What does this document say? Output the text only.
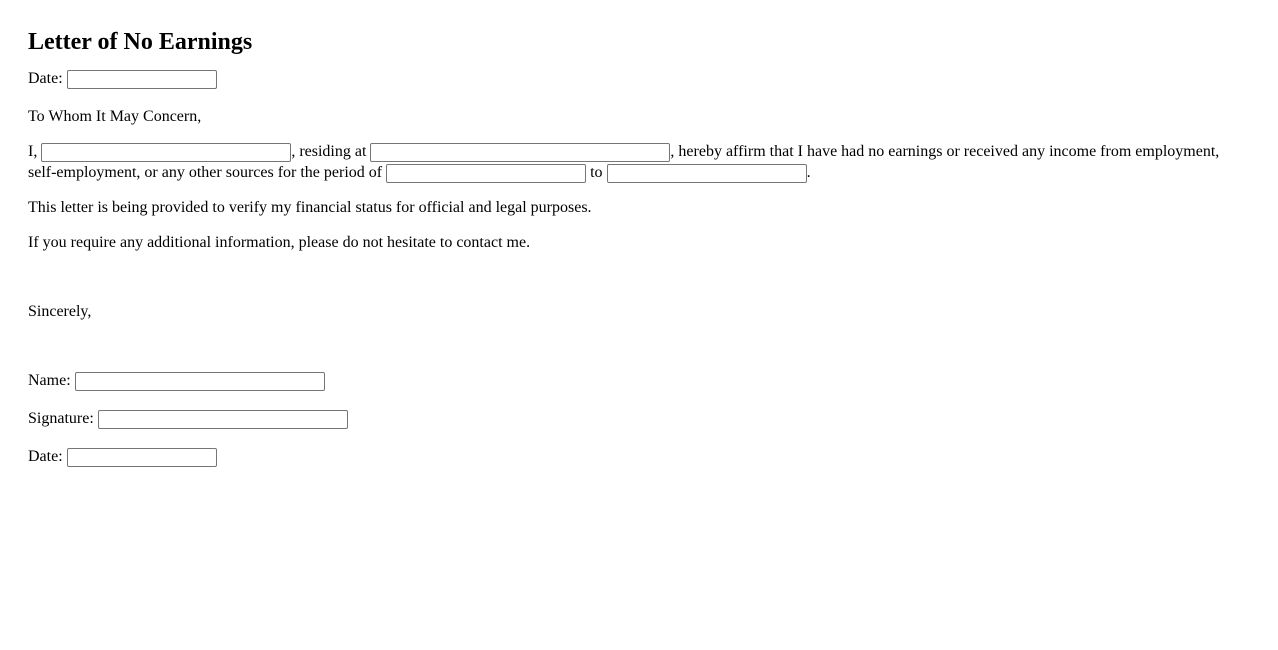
Letter of No Earnings
Date:

To Whom It May Concern,

I,	, residing at	, hereby affirm that I have had no earnings or received any income from employment, self-employment, or any other sources for the period of	to	.

This letter is being provided to verify my financial status for official and legal purposes.

If you require any additional information, please do not hesitate to contact me.

Sincerely,

Name:
Signature:
Date:
